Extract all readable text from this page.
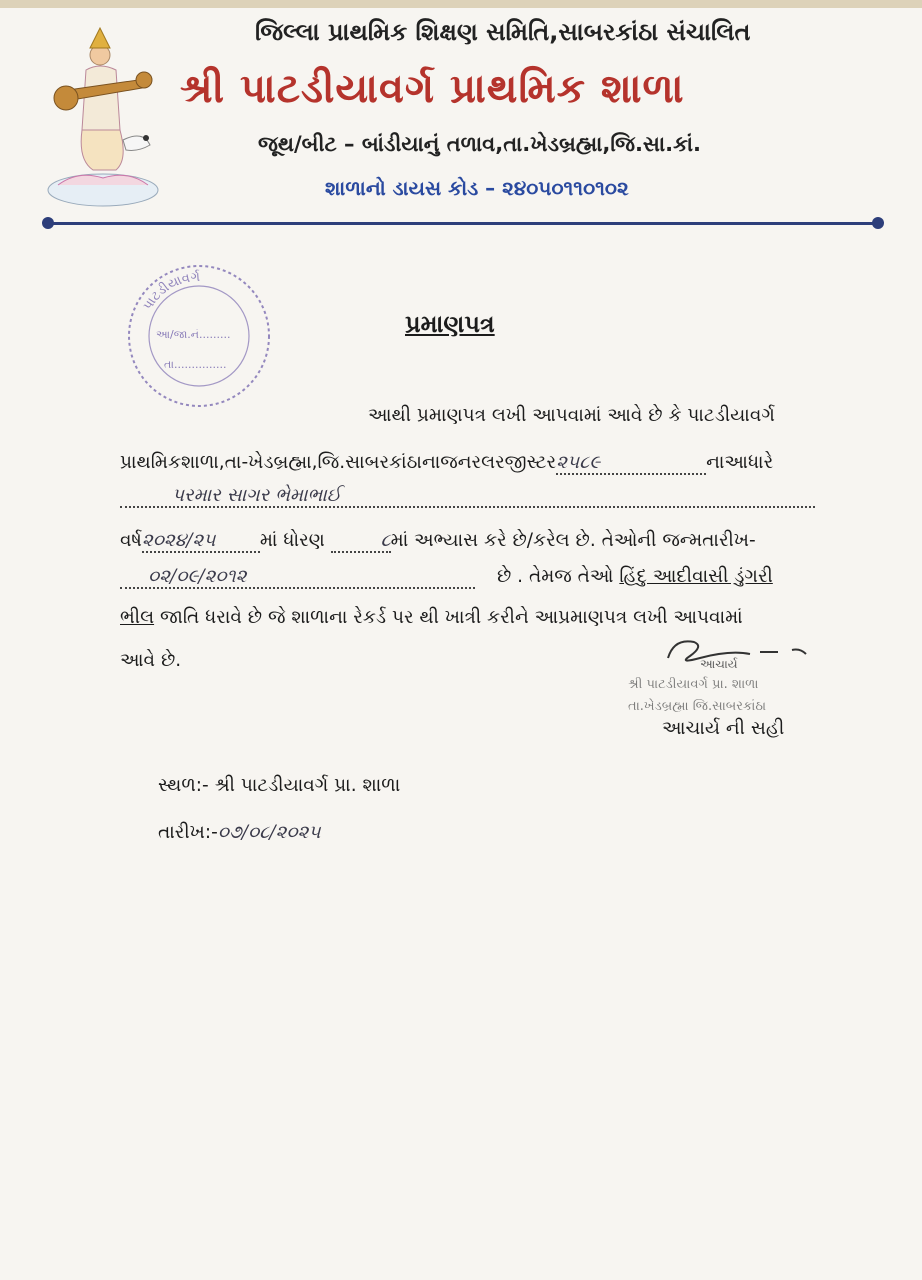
જિલ્લા પ્રાથમિક શિક્ષણ સમિતિ,સાબરકાંઠા સંચાલિત
શ્રી પાટડીયાવર્ગ પ્રાથમિક શાળા
જૂથ/બીટ – બાંડીયાનું તળાવ,તા.ખેડબ્રહ્મા,જિ.સા.કાં.
શાળાનો ડાયસ કોડ – ૨૪૦૫૦૧૧૦૧૦૨
પાટડીયાવર્ગ
આ/જા.નં.........
તા...............
પ્રમાણપત્ર
આથી પ્રમાણપત્ર લખી આપવામાં આવે છે કે પાટડીયાવર્ગ
પ્રાથમિકશાળા,તા-ખેડબ્રહ્મા,જિ.સાબરકાંઠાનાજનરલરજીસ્ટર૨૫૮૯	નાઆધારે
પરમાર સાગર ભેમાભાઈ
વર્ષ૨૦૨૪/૨૫ માં ધોરણ	૮માં અભ્યાસ કરે છે/કરેલ છે. તેઓની જન્મતારીખ-
૦૨/૦૯/૨૦૧૨	છે . તેમજ તેઓ હિંદુ આદીવાસી ડુંગરી
ભીલ જાતિ ધરાવે છે જે શાળાના રેકર્ડ પર થી ખાત્રી કરીને આપ્રમાણપત્ર લખી આપવામાં
આવે છે.	આચાર્ય
શ્રી પાટડીયાવર્ગ પ્રા. શાળા
તા.ખેડબ્રહ્મા જિ.સાબરકાંઠા
આચાર્ય ની સહી
સ્થળ:- શ્રી પાટડીયાવર્ગ પ્રા. શાળા
તારીખ:-૦૭/૦૮/૨૦૨૫
